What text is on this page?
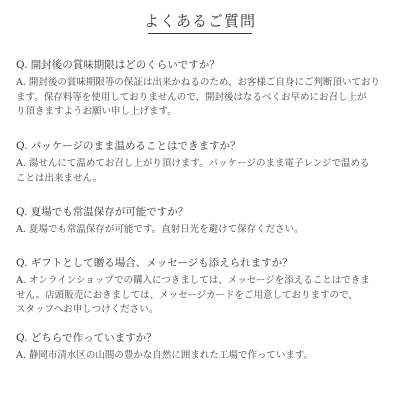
よくあるご質問
Q. 開封後の賞味期限はどのくらいですか？
A. 開封後の賞味期限等の保証は出来かねるのため、お客様ご自身にご判断頂いており
ます。保存料等を使用しておりませんので、開封後はなるべくお早めにお召し上が
り頂きますようお願い申し上げます。
Q. パッケージのまま温めることはできますか？
A. 湯せんにて温めてお召し上がり頂けます。パッケージのまま電子レンジで温める
ことは出来ません。
Q. 夏場でも常温保存が可能ですか？
A. 夏場でも常温保存が可能です。直射日光を避けて保存ください。
Q. ギフトとして贈る場合、メッセージも添えられますか？
A. オンラインショップでの購入につきましては、メッセージを添えることはできま
せん。店頭販売におきましては、メッセージカードをご用意しておりますので、
スタッフへお申しつけください。
Q. どちらで作っていますか？
A. 静岡市清水区の山間の豊かな自然に囲まれた工場で作っています。
